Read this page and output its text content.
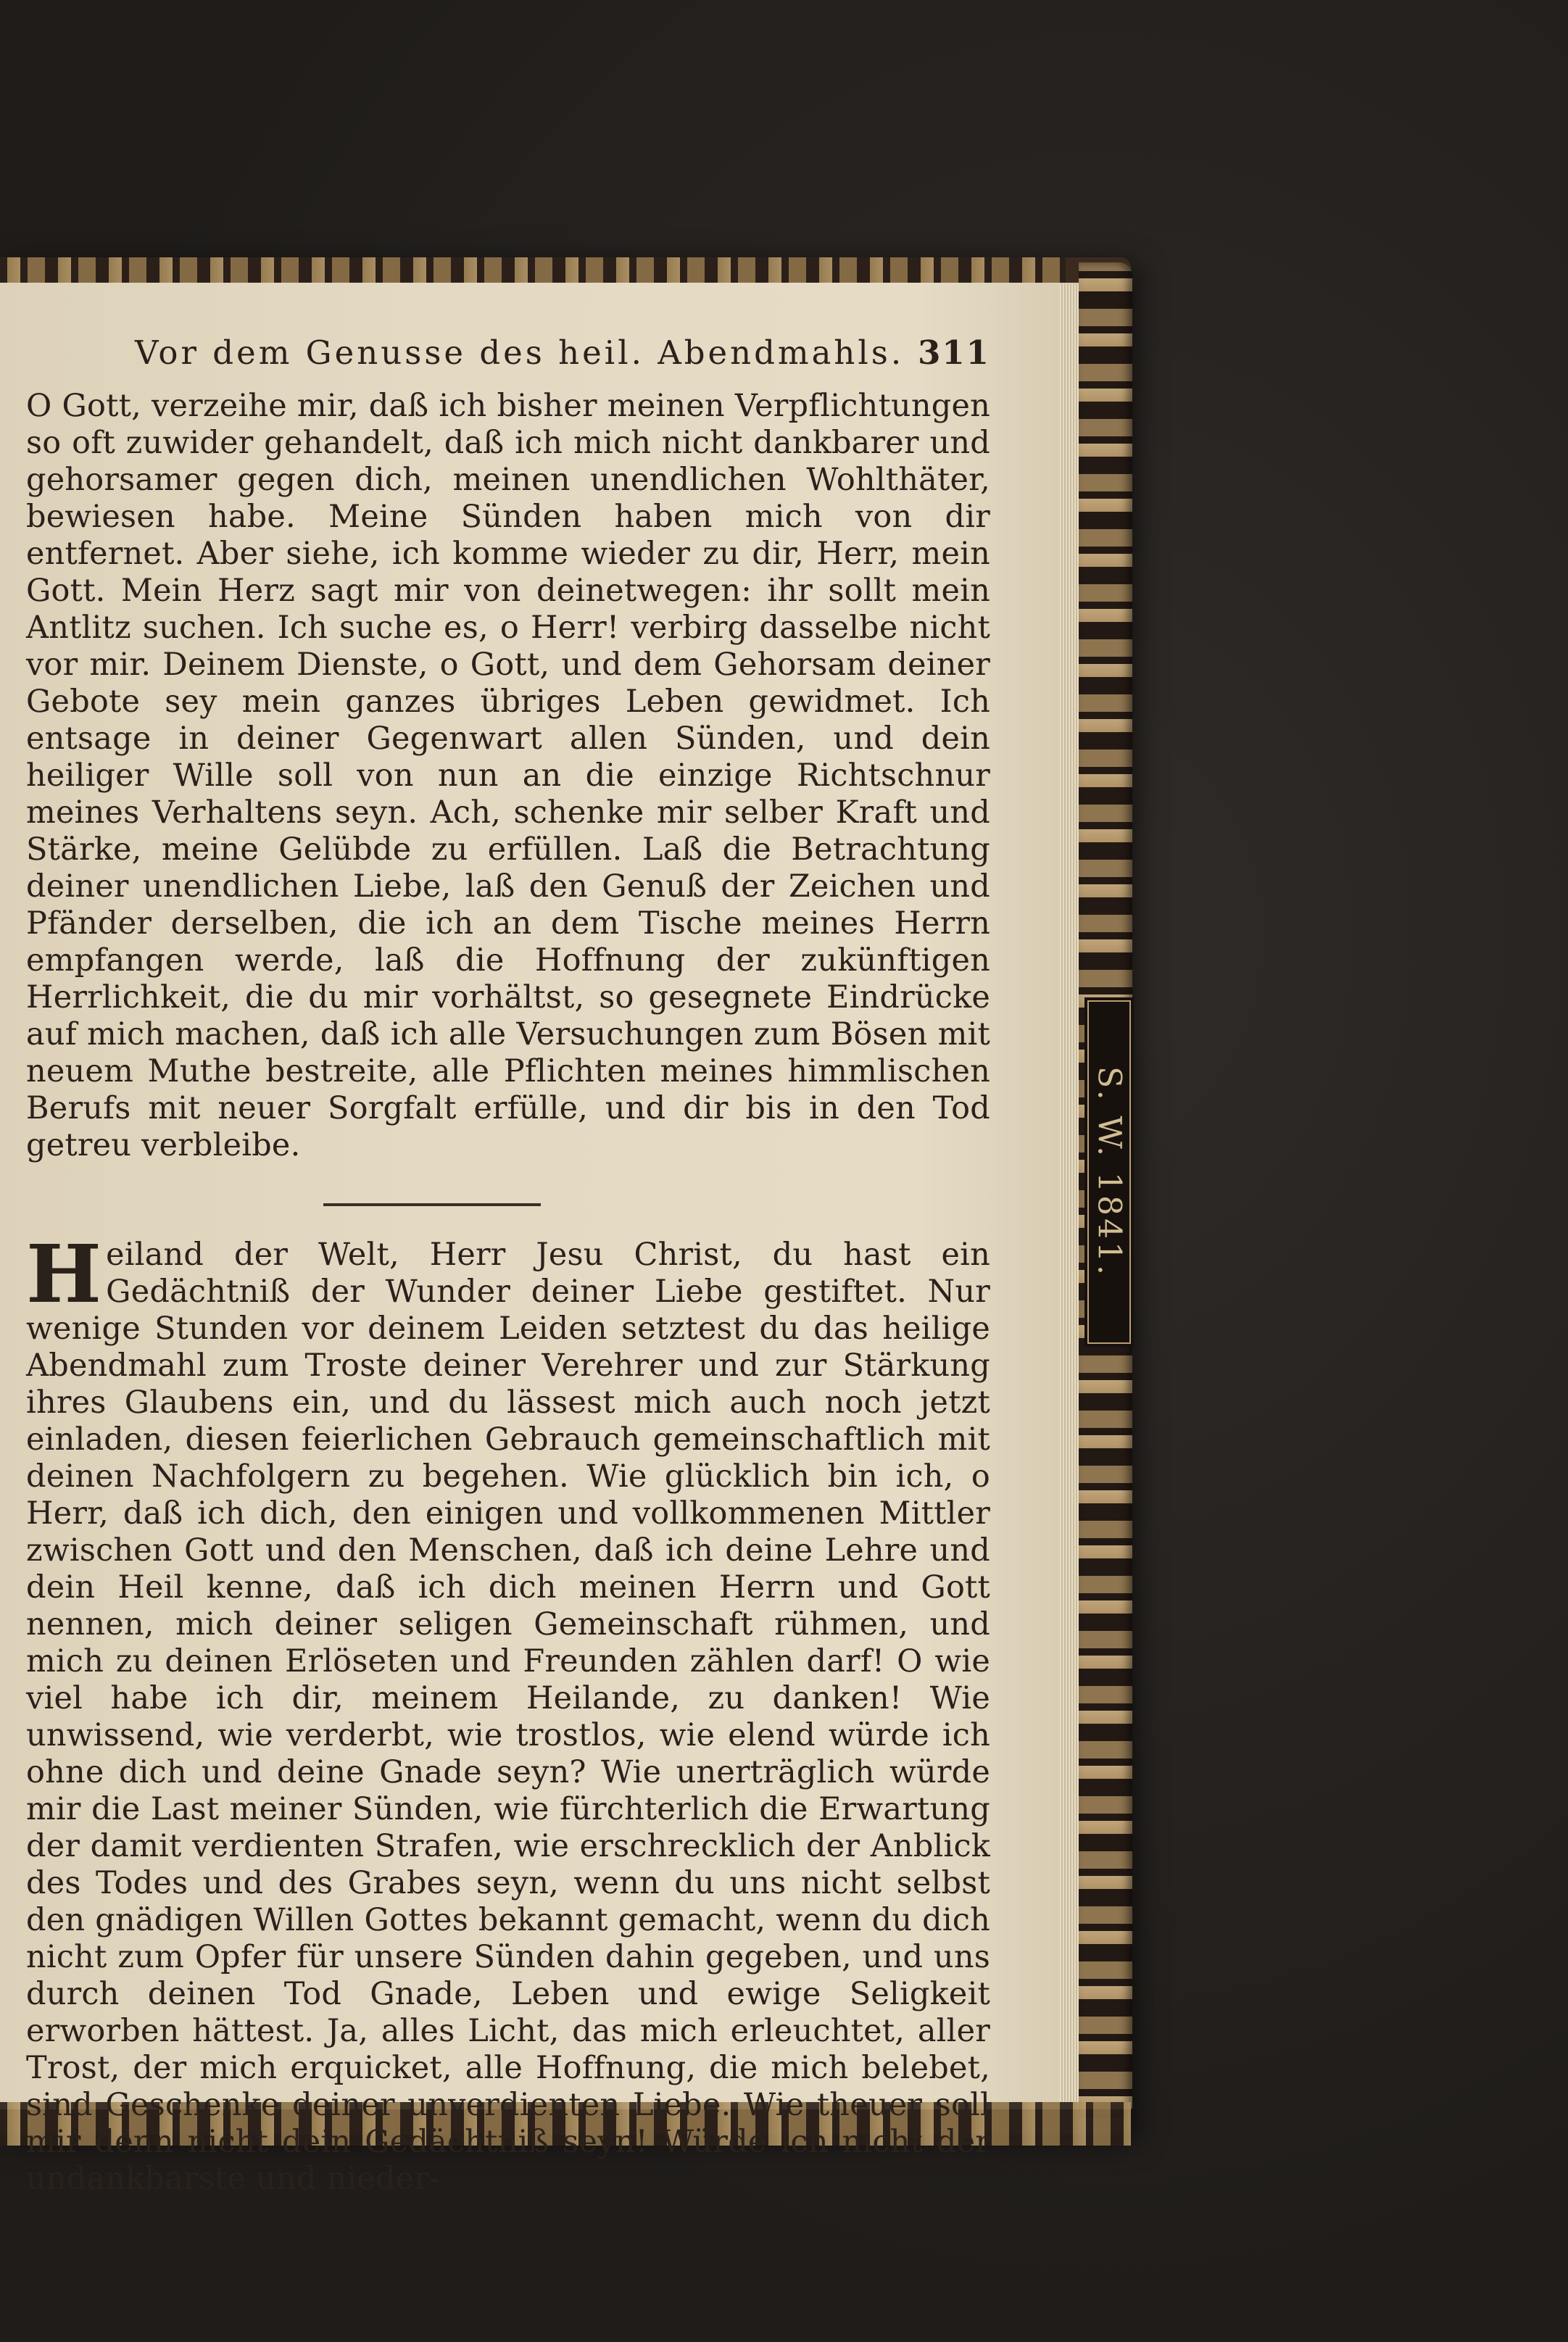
S. W. 1841.
Vor dem Genusse des heil. Abendmahls. 311

O Gott, verzeihe mir, daß ich bisher meinen Verpflichtungen so oft zuwider gehandelt, daß ich mich nicht dankbarer und gehorsamer gegen dich, meinen unendlichen Wohlthäter, bewiesen habe. Meine Sünden haben mich von dir entfernet. Aber siehe, ich komme wieder zu dir, Herr, mein Gott. Mein Herz sagt mir von deinetwegen: ihr sollt mein Antlitz suchen. Ich suche es, o Herr! verbirg dasselbe nicht vor mir. Deinem Dienste, o Gott, und dem Gehorsam deiner Gebote sey mein ganzes übriges Leben gewidmet. Ich entsage in deiner Gegenwart allen Sünden, und dein heiliger Wille soll von nun an die einzige Richtschnur meines Verhaltens seyn. Ach, schenke mir selber Kraft und Stärke, meine Gelübde zu erfüllen. Laß die Betrachtung deiner unendlichen Liebe, laß den Genuß der Zeichen und Pfänder derselben, die ich an dem Tische meines Herrn empfangen werde, laß die Hoffnung der zukünftigen Herrlichkeit, die du mir vorhältst, so gesegnete Eindrücke auf mich machen, daß ich alle Versuchungen zum Bösen mit neuem Muthe bestreite, alle Pflichten meines himmlischen Berufs mit neuer Sorgfalt erfülle, und dir bis in den Tod getreu verbleibe.

Heiland der Welt, Herr Jesu Christ, du hast ein Gedächtniß der Wunder deiner Liebe gestiftet. Nur wenige Stunden vor deinem Leiden setztest du das heilige Abendmahl zum Troste deiner Verehrer und zur Stärkung ihres Glaubens ein, und du lässest mich auch noch jetzt einladen, diesen feierlichen Gebrauch gemeinschaftlich mit deinen Nachfolgern zu begehen. Wie glücklich bin ich, o Herr, daß ich dich, den einigen und vollkommenen Mittler zwischen Gott und den Menschen, daß ich deine Lehre und dein Heil kenne, daß ich dich meinen Herrn und Gott nennen, mich deiner seligen Gemeinschaft rühmen, und mich zu deinen Erlöseten und Freunden zählen darf! O wie viel habe ich dir, meinem Heilande, zu danken! Wie unwissend, wie verderbt, wie trostlos, wie elend würde ich ohne dich und deine Gnade seyn? Wie unerträglich würde mir die Last meiner Sünden, wie fürchterlich die Erwartung der damit verdienten Strafen, wie erschrecklich der Anblick des Todes und des Grabes seyn, wenn du uns nicht selbst den gnädigen Willen Gottes bekannt gemacht, wenn du dich nicht zum Opfer für unsere Sünden dahin gegeben, und uns durch deinen Tod Gnade, Leben und ewige Seligkeit erworben hättest. Ja, alles Licht, das mich erleuchtet, aller Trost, der mich erquicket, alle Hoffnung, die mich belebet, sind Geschenke deiner unverdienten Liebe. Wie theuer soll mir denn nicht dein Gedächtniß seyn! Würde ich nicht der undankbarste und nieder-
